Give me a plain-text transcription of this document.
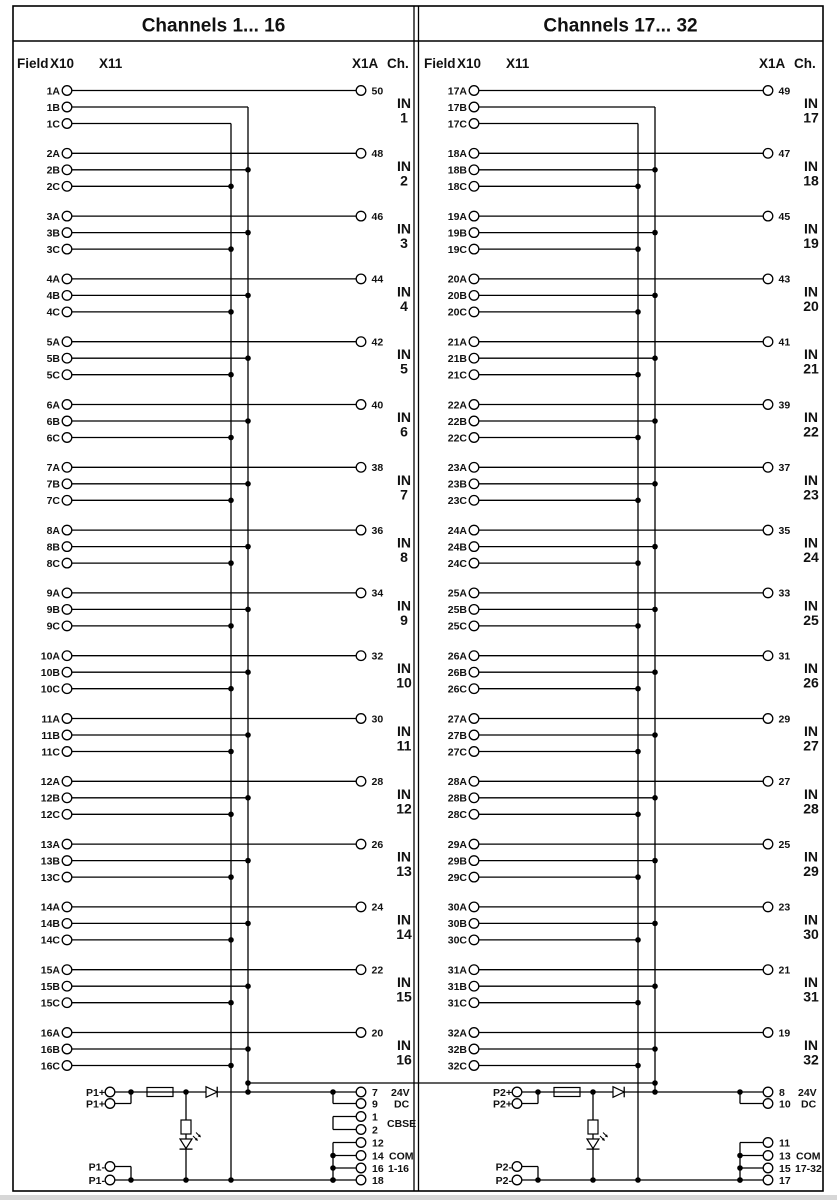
Channels 1... 16
Field X10 X11	X1A Ch.
1A
1B
1C
50
IN
1
2A
2B
2C
48
IN
2
3A
3B
3C
46
IN
3
4A
4B
4C
44
IN
4
5A
5B
5C
42
IN
5
6A
6B
6C
40
IN
6
7A
7B
7C
38
IN
7
8A
8B
8C
36
IN
8
9A
9B
9C
34
IN
9
10A
10B
10C
32
IN
10
11A
11B
11C
30
IN
11
12A
12B
12C
28
IN
12
13A
13B
13C
26
IN
13
14A
14B
14C
24
IN
14
15A
15B
15C
22
IN
15
16A
16B
16C
20
IN
16
P1+
P1+
7 24V
9 DC
1
2
CBSE
12
14
16
18
COM
1-16
P1-
P1-
Channels 17... 32
Field X10 X11	X1A Ch.
17A
17B
17C
49
IN
17
18A
18B
18C
47
IN
18
19A
19B
19C
45
IN
19
20A
20B
20C
43
IN
20
21A
21B
21C
41
IN
21
22A
22B
22C
39
IN
22
23A
23B
23C
37
IN
23
24A
24B
24C
35
IN
24
25A
25B
25C
33
IN
25
26A
26B
26C
31
IN
26
27A
27B
27C
29
IN
27
28A
28B
28C
27
IN
28
29A
29B
29C
25
IN
29
30A
30B
30C
23
IN
30
31A
31B
31C
21
IN
31
32A
32B
32C
19
IN
32
P2+
P2+
8 24V
10 DC
11
13
15
17
COM
17-32
P2-
P2-
